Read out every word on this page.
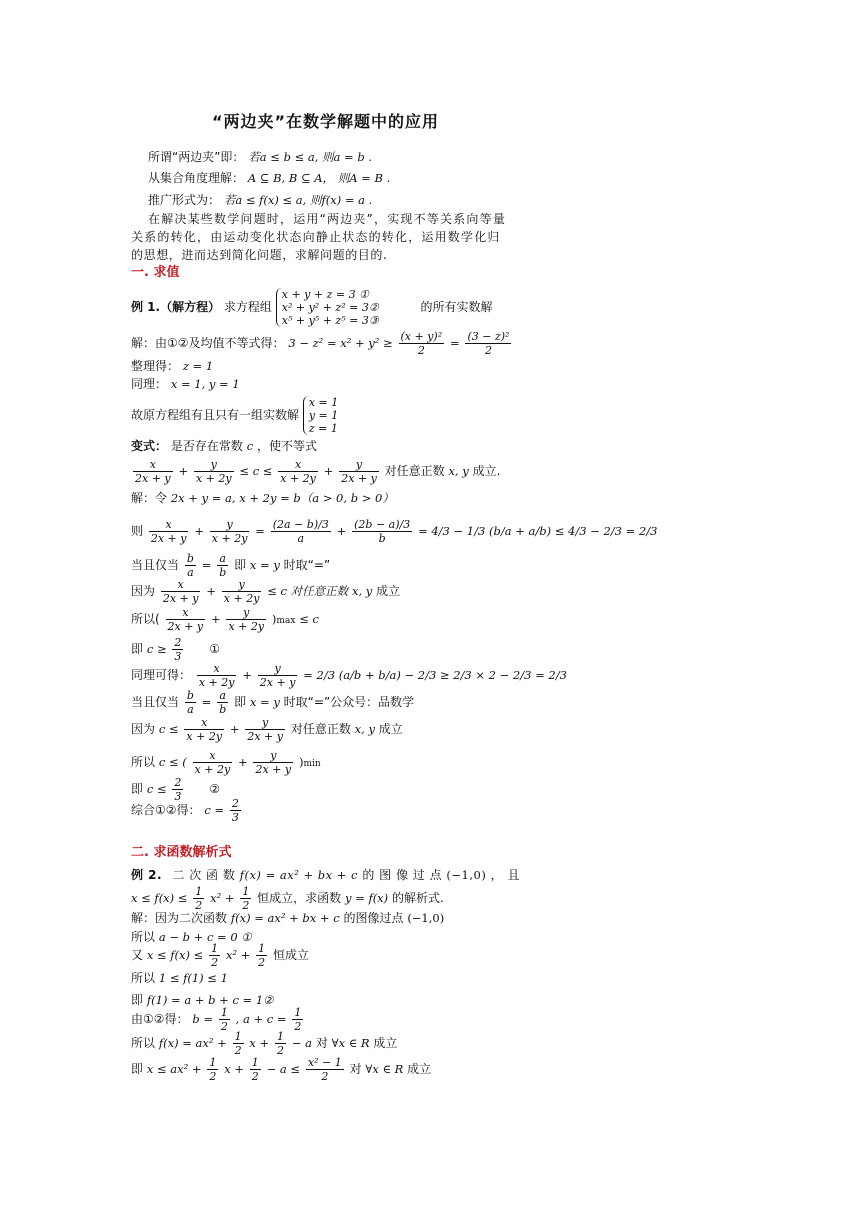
“两边夹”在数学解题中的应用
所谓“两边夹”即： 若a ≤ b ≤ a, 则a = b .
从集合角度理解： A ⊆ B, B ⊆ A， 则A = B .
推广形式为： 若a ≤ f(x) ≤ a, 则f(x) = a .
在解决某些数学问题时，运用“两边夹”，实现不等关系向等量
关系的转化，由运动变化状态向静止状态的转化，运用数学化归
的思想，进而达到简化问题，求解问题的目的.
一. 求值
例 1.（解方程） 求方程组
x + y + z = 3 ①
x² + y² + z² = 3②
x⁵ + y⁵ + z⁵ = 3③
的所有实数解
解：由①②及均值不等式得： $3 - z^2 = x^2 + y^2 \ge \frac{\text{(x + y)²}}{2} = \frac{\text{(3 − z)²}}{2}$
整理得： z = 1
同理： x = 1, y = 1
故原方程组有且只有一组实数解
x = 1
y = 1
z = 1
变式： 是否存在常数 c ，使不等式
$\frac{x}{2x + y} + \frac{y}{x + 2y} \le c \le \frac{x}{x + 2y} + \frac{y}{2x + y}$ 对任意正数 x, y 成立.
解：令 2x + y = a, x + 2y = b（a > 0, b > 0）
则 $\frac{x}{2x + y} + \frac{y}{x + 2y} = \frac{(2a - b)/3}{a} + \frac{(2b - a)/3}{b} = 4/3 - 1/3$ (b/a + a/b) ≤ 4/3 − 2/3 = 2/3
当且仅当 $\frac{b}{a} = \frac{a}{b}$ 即 x = y 时取“=”
因为 $\frac{x}{2x + y} + \frac{y}{x + 2y} \le c$ 对任意正数 x, y 成立
所以( $\frac{x}{2x + y} + \frac{y}{x + 2y} )\max \le c$
即 $c \ge \frac{2}{3}$ ①
同理可得： $\frac{x}{x + 2y} + \frac{y}{2x + y} = 2/3$ (a/b + b/a) − 2/3 ≥ 2/3 × 2 − 2/3 = 2/3
当且仅当 $\frac{b}{a} = \frac{a}{b}$ 即 x = y 时取“=”公众号：品数学
因为 $c \le \frac{x}{x + 2y} + \frac{y}{2x + y}$ 对任意正数 x, y 成立
所以 c ≤ ( $\frac{x}{x + 2y} + \frac{y}{2x + y} )\min$
即 $c \le \frac{2}{3}$ ②
综合①②得： $c = \frac{2}{3}$
二. 求函数解析式
例 2. 二 次 函 数 f(x) = ax² + bx + c 的 图 像 过 点 (−1,0) ， 且
$x \le f(x) \le \frac{1}{2} x^2 + \frac{1}{2}$ 恒成立，求函数 y = f(x) 的解析式.
解：因为二次函数 f(x) = ax² + bx + c 的图像过点 (−1,0)
所以 a − b + c = 0 ①
又 $x \le f(x) \le \frac{1}{2} x^2 + \frac{1}{2}$ 恒成立
所以 1 ≤ f(1) ≤ 1
即 f(1) = a + b + c = 1②
由①②得： $b = \frac{1}{2}$ , $a + c = \frac{1}{2}$
所以 $f(x) = ax^2 + \frac{1}{2}$ $x + \frac{1}{2} - a$ 对 ∀x ∈ R 成立
即 $x \le ax^2 + \frac{1}{2}$ $x + \frac{1}{2} - a \le \frac{\text{x² − 1}}{2}$ 对 ∀x ∈ R 成立
